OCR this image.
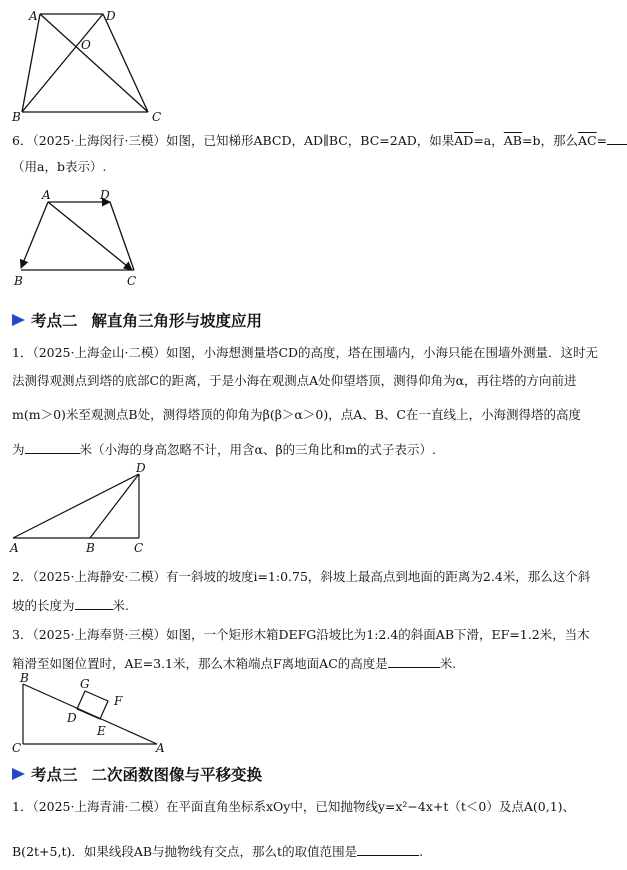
A	D
O
B	C
6．（2025·上海闵行·三模）如图，已知梯形ABCD，AD∥BC，BC=2AD，如果$\overline{AD}=a$，$\overline{AB}=b$，那么$\overline{AC}=$
（用a，b表示）.
A	D
B	C
考点二 解直角三角形与坡度应用
1．（2025·上海金山·二模）如图，小海想测量塔CD的高度，塔在围墙内，小海只能在围墙外测量．这时无
法测得观测点到塔的底部C的距离，于是小海在观测点A处仰望塔顶，测得仰角为α，再往塔的方向前进
m(m＞0)米至观测点B处，测得塔顶的仰角为β(β＞α＞0)，点A、B、C在一直线上，小海测得塔的高度
为	米（小海的身高忽略不计，用含α、β的三角比和m的式子表示）.
D
A	B	C
2．（2025·上海静安·二模）有一斜坡的坡度i=1:0.75，斜坡上最高点到地面的距离为2.4米，那么这个斜
坡的长度为	米.
3．（2025·上海奉贤·三模）如图，一个矩形木箱DEFG沿坡比为1:2.4的斜面AB下滑，EF=1.2米，当木
箱滑至如图位置时，AE=3.1米，那么木箱端点F离地面AC的高度是	米.
B	G
F
D
E
C	A
考点三 二次函数图像与平移变换
1．（2025·上海青浦·二模）在平面直角坐标系xOy中，已知抛物线y=x²−4x+t（t＜0）及点A(0,1)、
B(2t+5,t)．如果线段AB与抛物线有交点，那么t的取值范围是	.
